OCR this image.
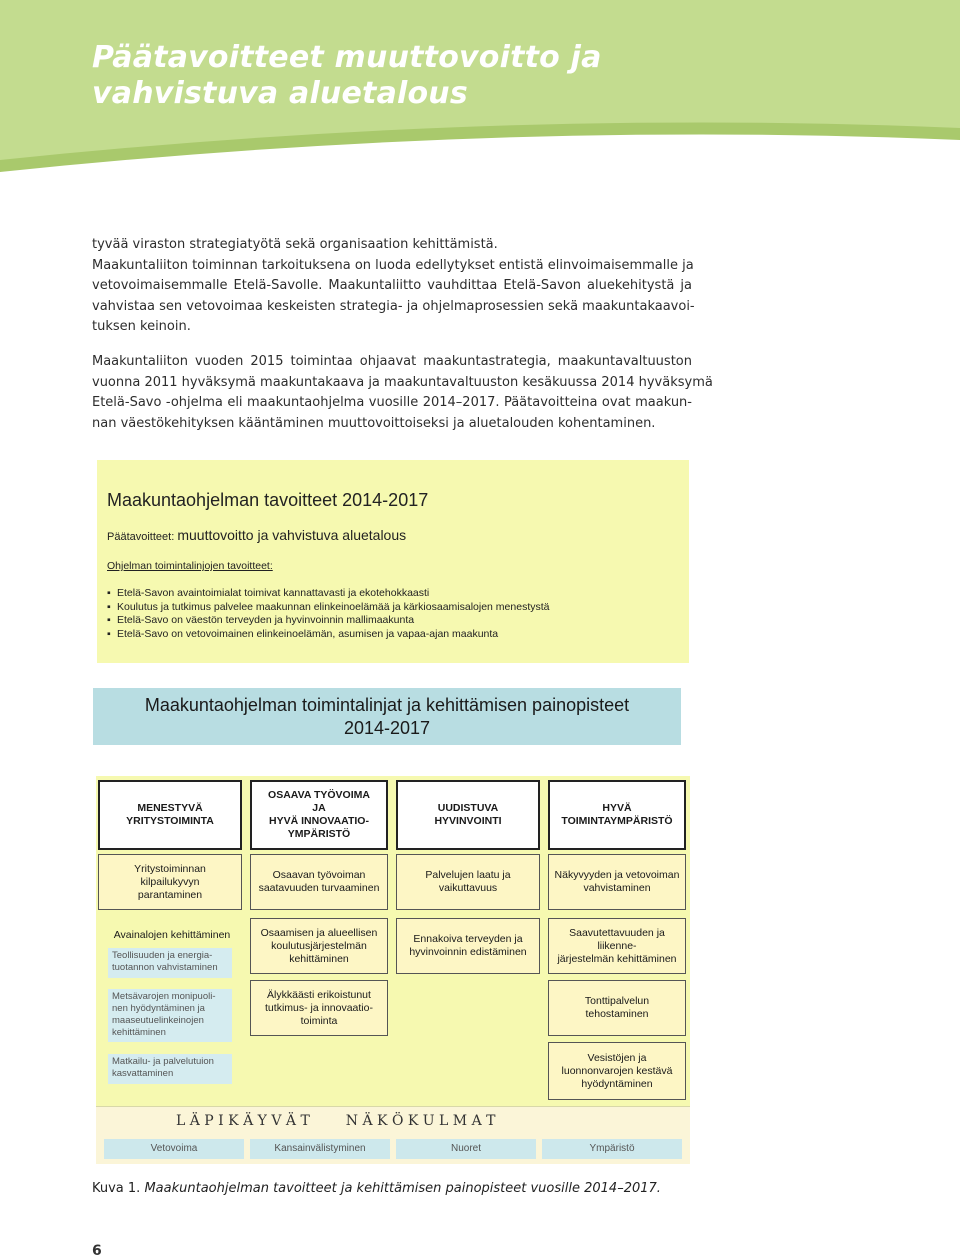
Päätavoitteet muuttovoitto ja
vahvistuva aluetalous
tyvää viraston strategiatyötä sekä organisaation kehittämistä.
Maakuntaliiton toiminnan tarkoituksena on luoda edellytykset entistä elinvoimaisemmalle ja
vetovoimaisemmalle Etelä-Savolle. Maakuntaliitto vauhdittaa Etelä-Savon aluekehitystä ja
vahvistaa sen vetovoimaa keskeisten strategia- ja ohjelmaprosessien sekä maakuntakaavoi-
tuksen keinoin.
Maakuntaliiton vuoden 2015 toimintaa ohjaavat maakuntastrategia, maakuntavaltuuston
vuonna 2011 hyväksymä maakuntakaava ja maakuntavaltuuston kesäkuussa 2014 hyväksymä
Etelä-Savo -ohjelma eli maakuntaohjelma vuosille 2014–2017. Päätavoitteina ovat maakun-
nan väestökehityksen kääntäminen muuttovoittoiseksi ja aluetalouden kohentaminen.
Maakuntaohjelman tavoitteet 2014-2017
Päätavoitteet: muuttovoitto ja vahvistuva aluetalous
Ohjelman toimintalinjojen tavoitteet:
▪ Etelä-Savon avaintoimialat toimivat kannattavasti ja ekotehokkaasti
▪ Koulutus ja tutkimus palvelee maakunnan elinkeinoelämää ja kärkiosaamisalojen menestystä
▪ Etelä-Savo on väestön terveyden ja hyvinvoinnin mallimaakunta
▪ Etelä-Savo on vetovoimainen elinkeinoelämän, asumisen ja vapaa-ajan maakunta
Maakuntaohjelman toimintalinjat ja kehittämisen painopisteet
2014-2017
MENESTYVÄ
YRITYSTOIMINTA
Yritystoiminnan
kilpailukyvyn
parantaminen
Avainalojen kehittäminen
Teollisuuden ja energia-
tuotannon vahvistaminen
Metsävarojen monipuoli-
nen hyödyntäminen ja
maaseutuelinkeinojen
kehittäminen
Matkailu- ja palvelutuion
kasvattaminen
OSAAVA TYÖVOIMA
JA
HYVÄ INNOVAATIO-
YMPÄRISTÖ
Osaavan työvoiman
saatavuuden turvaaminen
Osaamisen ja alueellisen
koulutusjärjestelmän
kehittäminen
Älykkäästi erikoistunut
tutkimus- ja innovaatio-
toiminta
UUDISTUVA
HYVINVOINTI
Palvelujen laatu ja
vaikuttavuus
Ennakoiva terveyden ja
hyvinvoinnin edistäminen
HYVÄ
TOIMINTAYMPÄRISTÖ
Näkyvyyden ja vetovoiman
vahvistaminen
Saavutettavuuden ja liikenne-
järjestelmän kehittäminen
Tonttipalvelun
tehostaminen
Vesistöjen ja
luonnonvarojen kestävä
hyödyntäminen
L Ä P I K Ä Y V Ä T	N Ä K Ö K U L M A T
Vetovoima	Kansainvälistyminen	Nuoret	Ympäristö
Kuva 1. Maakuntaohjelman tavoitteet ja kehittämisen painopisteet vuosille 2014–2017.
6
